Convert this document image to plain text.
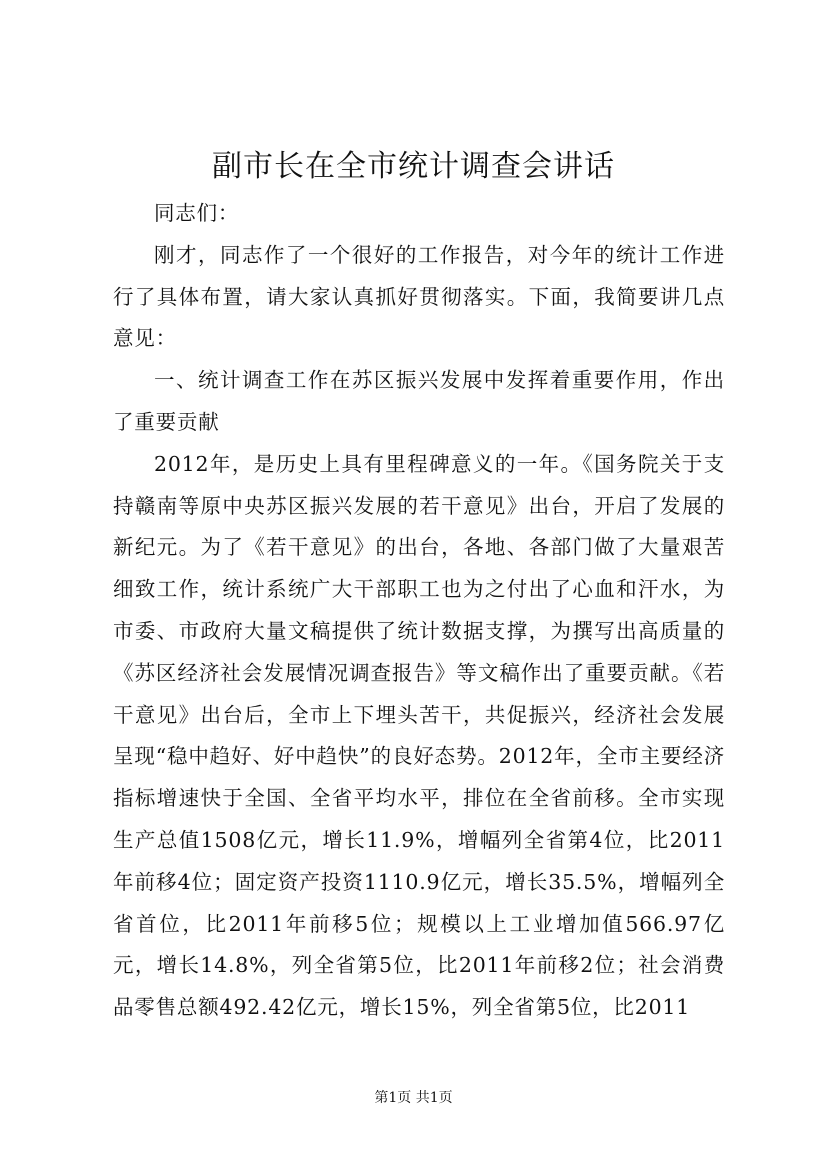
副市长在全市统计调查会讲话

同志们：

刚才，同志作了一个很好的工作报告，对今年的统计工作进行了具体布置，请大家认真抓好贯彻落实。下面，我简要讲几点意见：

一、统计调查工作在苏区振兴发展中发挥着重要作用，作出了重要贡献

2012年，是历史上具有里程碑意义的一年。《国务院关于支持赣南等原中央苏区振兴发展的若干意见》出台，开启了发展的新纪元。为了《若干意见》的出台，各地、各部门做了大量艰苦细致工作，统计系统广大干部职工也为之付出了心血和汗水，为市委、市政府大量文稿提供了统计数据支撑，为撰写出高质量的《苏区经济社会发展情况调查报告》等文稿作出了重要贡献。《若干意见》出台后，全市上下埋头苦干，共促振兴，经济社会发展呈现“稳中趋好、好中趋快”的良好态势。2012年，全市主要经济指标增速快于全国、全省平均水平，排位在全省前移。全市实现生产总值1508亿元，增长11.9%，增幅列全省第4位，比2011年前移4位；固定资产投资1110.9亿元，增长35.5%，增幅列全省首位，比2011年前移5位；规模以上工业增加值566.97亿元，增长14.8%，列全省第5位，比2011年前移2位；社会消费品零售总额492.42亿元，增长15%，列全省第5位，比2011

第1页 共1页
